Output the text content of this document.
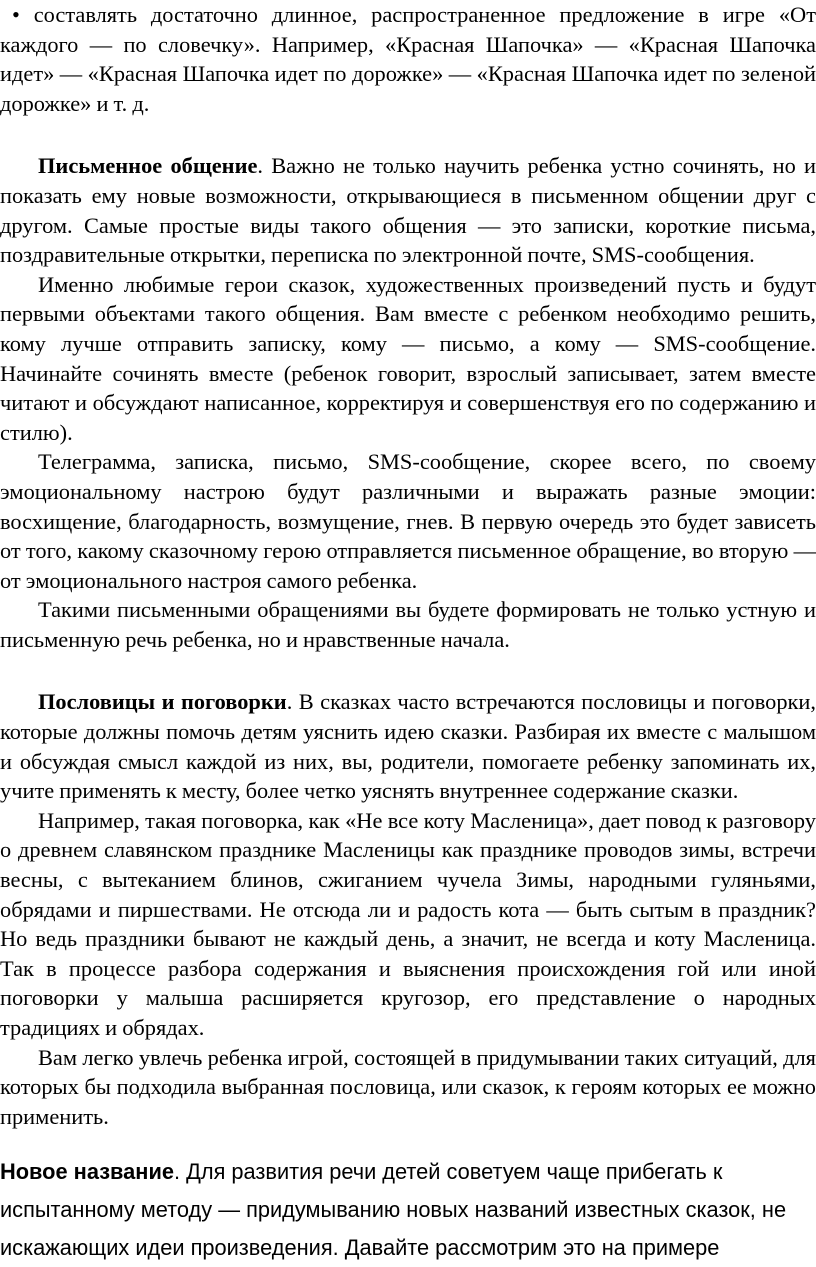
• составлять достаточно длинное, распространенное предложение в игре «От каждого — по словечку». Например, «Красная Шапочка» — «Красная Шапочка идет» — «Красная Шапочка идет по дорожке» — «Красная Шапочка идет по зеленой дорожке» и т. д.

Письменное общение. Важно не только научить ребенка устно сочинять, но и показать ему новые возможности, открывающиеся в письменном общении друг с другом. Самые простые виды такого общения — это записки, короткие письма, поздравительные открытки, переписка по электронной почте, SMS-сообщения.

Именно любимые герои сказок, художественных произведений пусть и будут первыми объектами такого общения. Вам вместе с ребенком необходимо решить, кому лучше отправить записку, кому — письмо, а кому — SMS-сообщение. Начинайте сочинять вместе (ребенок говорит, взрослый записывает, затем вместе читают и обсуждают написанное, корректируя и совершенствуя его по содержанию и стилю).

Телеграмма, записка, письмо, SMS-сообщение, скорее всего, по своему эмоциональному настрою будут различными и выражать разные эмоции: восхищение, благодарность, возмущение, гнев. В первую очередь это будет зависеть от того, какому сказочному герою отправляется письменное обращение, во вторую — от эмоционального настроя самого ребенка.

Такими письменными обращениями вы будете формировать не только устную и письменную речь ребенка, но и нравственные начала.

Пословицы и поговорки. В сказках часто встречаются пословицы и поговорки, которые должны помочь детям уяснить идею сказки. Разбирая их вместе с малышом и обсуждая смысл каждой из них, вы, родители, помогаете ребенку запоминать их, учите применять к месту, более четко уяснять внутреннее содержание сказки.

Например, такая поговорка, как «Не все коту Масленица», дает повод к разговору о древнем славянском празднике Масленицы как празднике проводов зимы, встречи весны, с вытеканием блинов, сжиганием чучела Зимы, народными гуляньями, обрядами и пиршествами. Не отсюда ли и радость кота — быть сытым в праздник? Но ведь праздники бывают не каждый день, а значит, не всегда и коту Масленица. Так в процессе разбора содержания и выяснения происхождения гой или иной поговорки у малыша расширяется кругозор, его представление о народных традициях и обрядах.

Вам легко увлечь ребенка игрой, состоящей в придумывании таких ситуаций, для которых бы подходила выбранная пословица, или сказок, к героям которых ее можно применить.

Новое название. Для развития речи детей советуем чаще прибегать к испытанному методу — придумыванию новых названий известных сказок, не искажающих идеи произведения. Давайте рассмотрим это на примере
